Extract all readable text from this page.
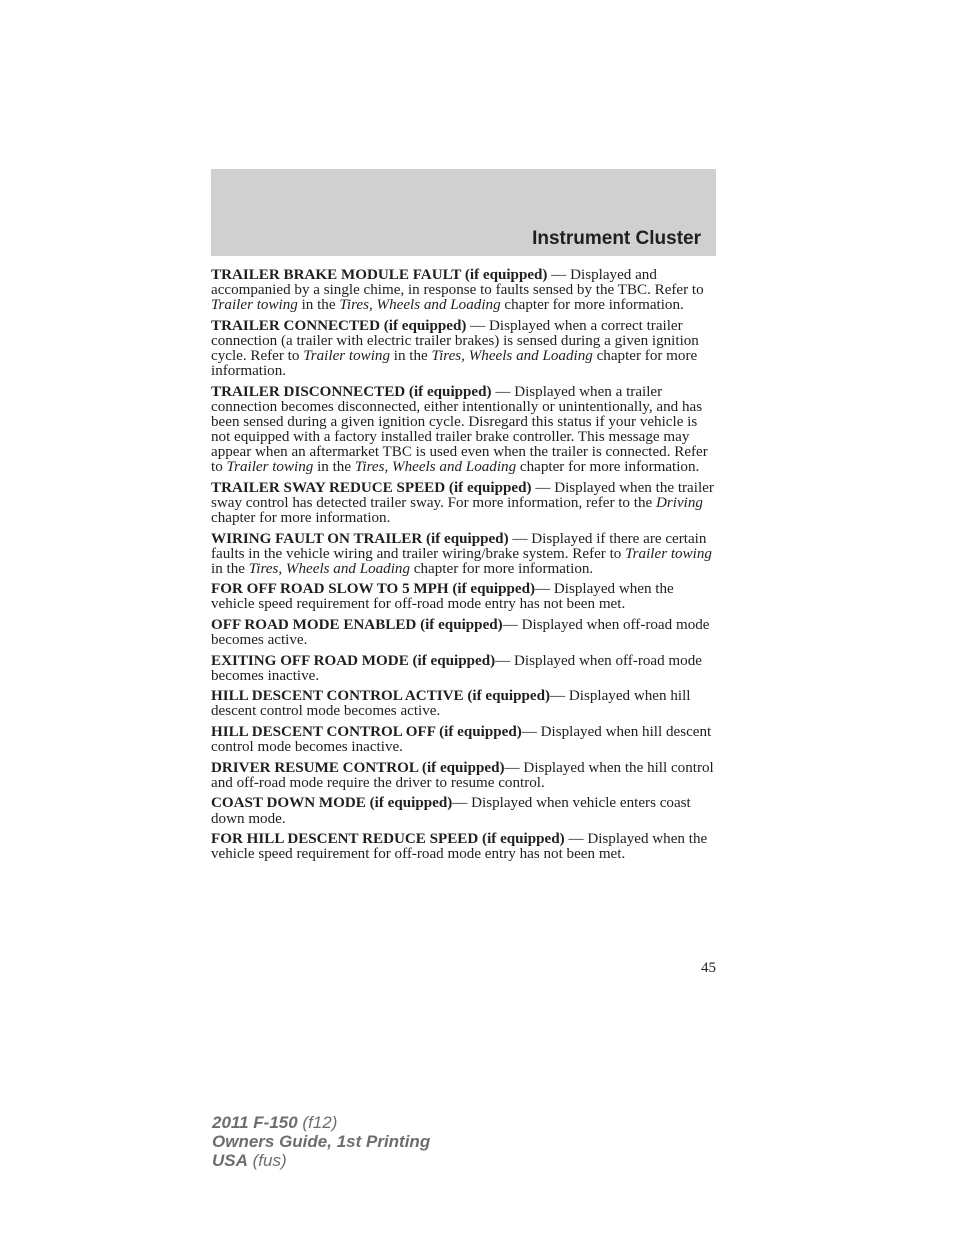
Instrument Cluster

TRAILER BRAKE MODULE FAULT (if equipped) — Displayed and accompanied by a single chime, in response to faults sensed by the TBC. Refer to Trailer towing in the Tires, Wheels and Loading chapter for more information.

TRAILER CONNECTED (if equipped) — Displayed when a correct trailer connection (a trailer with electric trailer brakes) is sensed during a given ignition cycle. Refer to Trailer towing in the Tires, Wheels and Loading chapter for more information.

TRAILER DISCONNECTED (if equipped) — Displayed when a trailer connection becomes disconnected, either intentionally or unintentionally, and has been sensed during a given ignition cycle. Disregard this status if your vehicle is not equipped with a factory installed trailer brake controller. This message may appear when an aftermarket TBC is used even when the trailer is connected. Refer to Trailer towing in the Tires, Wheels and Loading chapter for more information.

TRAILER SWAY REDUCE SPEED (if equipped) — Displayed when the trailer sway control has detected trailer sway. For more information, refer to the Driving chapter for more information.

WIRING FAULT ON TRAILER (if equipped) — Displayed if there are certain faults in the vehicle wiring and trailer wiring/brake system. Refer to Trailer towing in the Tires, Wheels and Loading chapter for more information.

FOR OFF ROAD SLOW TO 5 MPH (if equipped)— Displayed when the vehicle speed requirement for off-road mode entry has not been met.

OFF ROAD MODE ENABLED (if equipped)— Displayed when off-road mode becomes active.

EXITING OFF ROAD MODE (if equipped)— Displayed when off-road mode becomes inactive.

HILL DESCENT CONTROL ACTIVE (if equipped)— Displayed when hill descent control mode becomes active.

HILL DESCENT CONTROL OFF (if equipped)— Displayed when hill descent control mode becomes inactive.

DRIVER RESUME CONTROL (if equipped)— Displayed when the hill control and off-road mode require the driver to resume control.

COAST DOWN MODE (if equipped)— Displayed when vehicle enters coast down mode.

FOR HILL DESCENT REDUCE SPEED (if equipped) — Displayed when the vehicle speed requirement for off-road mode entry has not been met.

45
2011 F-150 (f12)
Owners Guide, 1st Printing
USA (fus)
